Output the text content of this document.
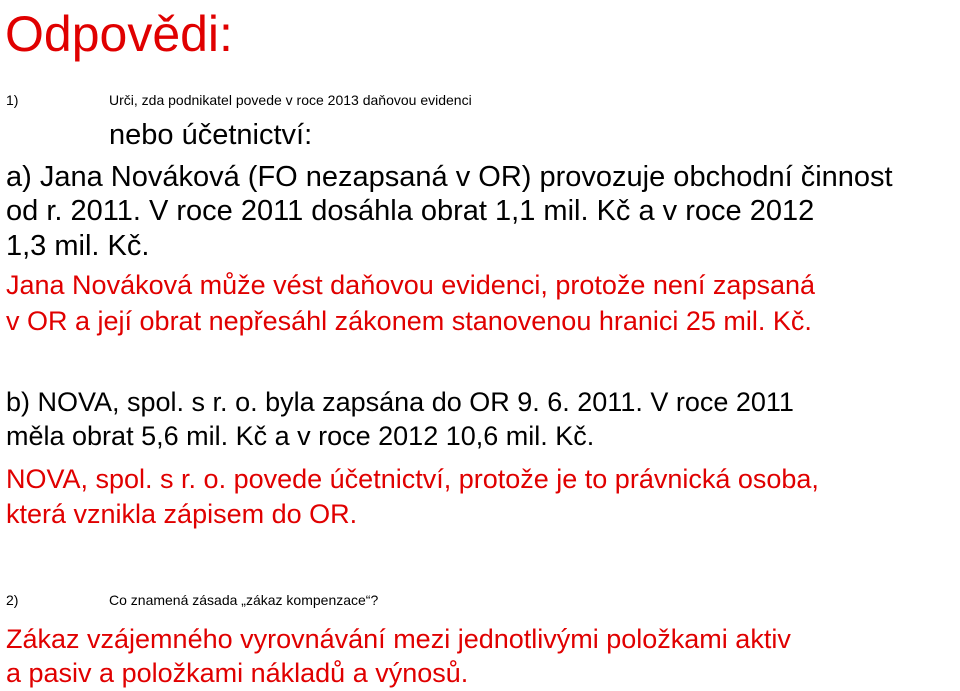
Odpovědi:
1)	Urči, zda podnikatel povede v roce 2013 daňovou evidenci
nebo účetnictví:
a) Jana Nováková (FO nezapsaná v OR) provozuje obchodní činnost
od r. 2011. V roce 2011 dosáhla obrat 1,1 mil. Kč a v roce 2012
1,3 mil. Kč.
Jana Nováková může vést daňovou evidenci, protože není zapsaná
v OR a její obrat nepřesáhl zákonem stanovenou hranici 25 mil. Kč.
b) NOVA, spol. s r. o. byla zapsána do OR 9. 6. 2011. V roce 2011
měla obrat 5,6 mil. Kč a v roce 2012 10,6 mil. Kč.
NOVA, spol. s r. o. povede účetnictví, protože je to právnická osoba,
která vznikla zápisem do OR.
2)	Co znamená zásada „zákaz kompenzace“?
Zákaz vzájemného vyrovnávání mezi jednotlivými položkami aktiv
a pasiv a položkami nákladů a výnosů.
